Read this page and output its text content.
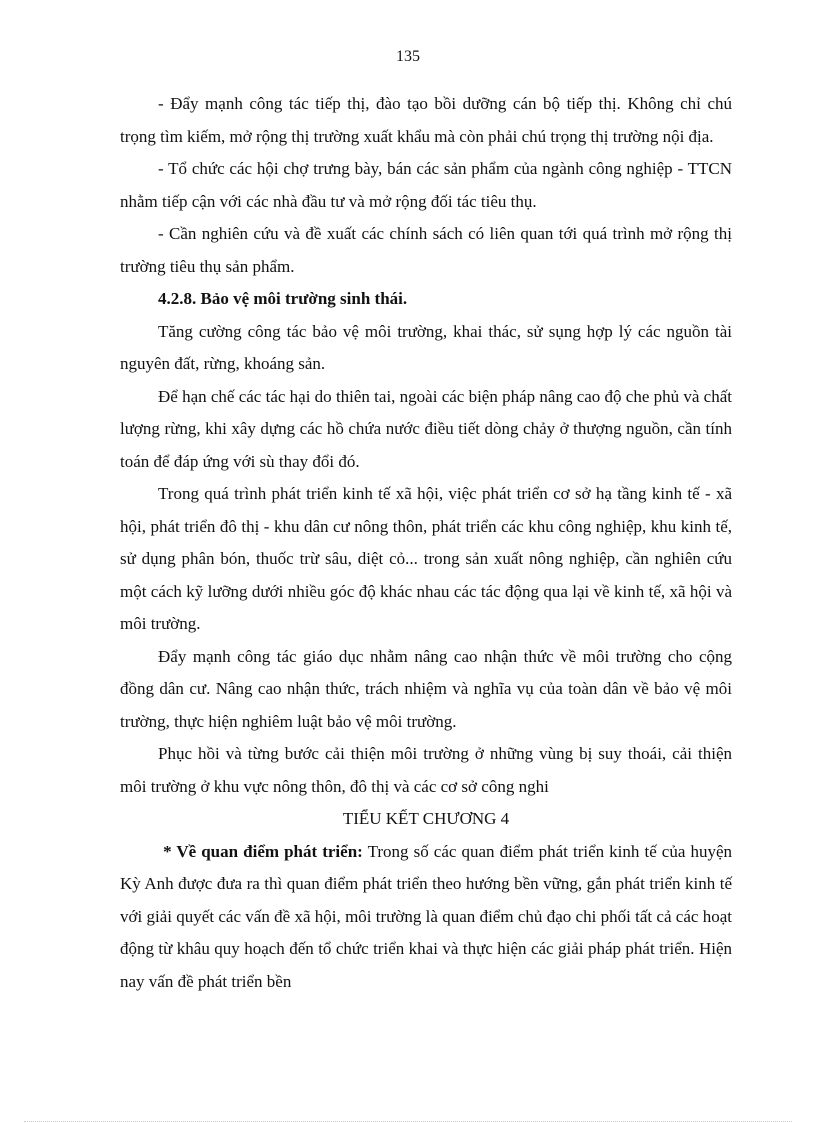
135

- Đẩy mạnh công tác tiếp thị, đào tạo bồi dưỡng cán bộ tiếp thị. Không chỉ chú trọng tìm kiếm, mở rộng thị trường xuất khẩu mà còn phải chú trọng thị trường nội địa.

- Tổ chức các hội chợ trưng bày, bán các sản phẩm của ngành công nghiệp - TTCN nhằm tiếp cận với các nhà đầu tư và mở rộng đối tác tiêu thụ.

- Cần nghiên cứu và đề xuất các chính sách có liên quan tới quá trình mở rộng thị trường tiêu thụ sản phẩm.

4.2.8. Bảo vệ môi trường sinh thái.

Tăng cường công tác bảo vệ môi trường, khai thác, sử sụng hợp lý các nguồn tài nguyên đất, rừng, khoáng sản.

Để hạn chế các tác hại do thiên tai, ngoài các biện pháp nâng cao độ che phủ và chất lượng rừng, khi xây dựng các hồ chứa nước điều tiết dòng chảy ở thượng nguồn, cần tính toán để đáp ứng với sù thay đổi đó.

Trong quá trình phát triển kinh tế xã hội, việc phát triển cơ sở hạ tầng kinh tế - xã hội, phát triển đô thị - khu dân cư nông thôn, phát triển các khu công nghiệp, khu kinh tế, sử dụng phân bón, thuốc trừ sâu, diệt cỏ... trong sản xuất nông nghiệp, cần nghiên cứu một cách kỹ lưỡng dưới nhiều góc độ khác nhau các tác động qua lại về kinh tế, xã hội và môi trường.

Đẩy mạnh công tác giáo dục nhằm nâng cao nhận thức về môi trường cho cộng đồng dân cư. Nâng cao nhận thức, trách nhiệm và nghĩa vụ của toàn dân về bảo vệ môi trường, thực hiện nghiêm luật bảo vệ môi trường.

Phục hồi và từng bước cải thiện môi trường ở những vùng bị suy thoái, cải thiện môi trường ở khu vực nông thôn, đô thị và các cơ sở công nghi

TIỂU KẾT CHƯƠNG 4

* Về quan điểm phát triển: Trong số các quan điểm phát triển kinh tế của huyện Kỳ Anh được đưa ra thì quan điểm phát triển theo hướng bền vững, gắn phát triển kinh tế với giải quyết các vấn đề xã hội, môi trường là quan điểm chủ đạo chi phối tất cả các hoạt động từ khâu quy hoạch đến tổ chức triển khai và thực hiện các giải pháp phát triển. Hiện nay vấn đề phát triển bền
